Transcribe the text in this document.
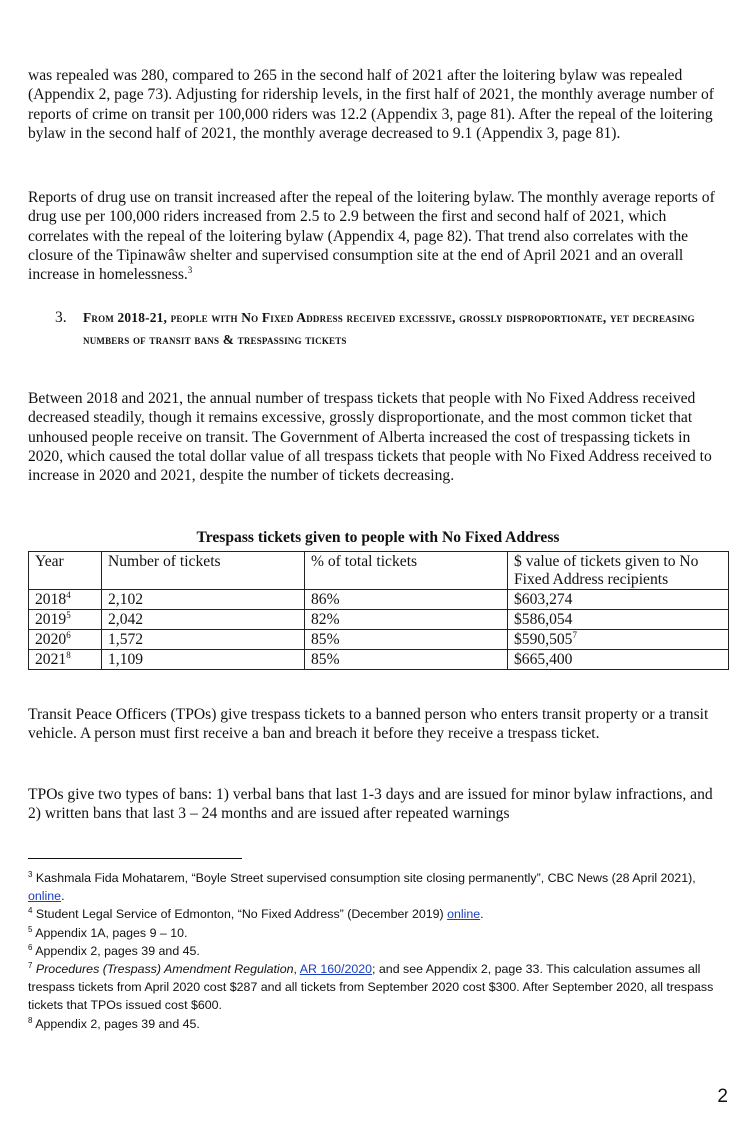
was repealed was 280, compared to 265 in the second half of 2021 after the loitering bylaw was repealed (Appendix 2, page 73). Adjusting for ridership levels, in the first half of 2021, the monthly average number of reports of crime on transit per 100,000 riders was 12.2 (Appendix 3, page 81). After the repeal of the loitering bylaw in the second half of 2021, the monthly average decreased to 9.1 (Appendix 3, page 81).

Reports of drug use on transit increased after the repeal of the loitering bylaw. The monthly average reports of drug use per 100,000 riders increased from 2.5 to 2.9 between the first and second half of 2021, which correlates with the repeal of the loitering bylaw (Appendix 4, page 82). That trend also correlates with the closure of the Tipinawâw shelter and supervised consumption site at the end of April 2021 and an overall increase in homelessness.$^3$

3. From 2018-21, people with No Fixed Address received excessive, grossly disproportionate, yet decreasing numbers of transit bans & trespassing tickets

Between 2018 and 2021, the annual number of trespass tickets that people with No Fixed Address received decreased steadily, though it remains excessive, grossly disproportionate, and the most common ticket that unhoused people receive on transit. The Government of Alberta increased the cost of trespassing tickets in 2020, which caused the total dollar value of all trespass tickets that people with No Fixed Address received to increase in 2020 and 2021, despite the number of tickets decreasing.

Trespass tickets given to people with No Fixed Address
Year	Number of tickets	% of total tickets	$ value of tickets given to No Fixed Address recipients
2018$^4$	2,102	86%	$603,274
2019$^5$	2,042	82%	$586,054
2020$^6$	1,572	85%	$590,505$^7$
2021$^8$	1,109	85%	$665,400

Transit Peace Officers (TPOs) give trespass tickets to a banned person who enters transit property or a transit vehicle. A person must first receive a ban and breach it before they receive a trespass ticket.

TPOs give two types of bans: 1) verbal bans that last 1-3 days and are issued for minor bylaw infractions, and 2) written bans that last 3 – 24 months and are issued after repeated warnings

$^3$ Kashmala Fida Mohatarem, “Boyle Street supervised consumption site closing permanently”, CBC News (28 April 2021), online.

$^4$ Student Legal Service of Edmonton, “No Fixed Address” (December 2019) online.

$^5$ Appendix 1A, pages 9 – 10.

$^6$ Appendix 2, pages 39 and 45.

$^7$ Procedures (Trespass) Amendment Regulation, AR 160/2020; and see Appendix 2, page 33. This calculation assumes all trespass tickets from April 2020 cost $287 and all tickets from September 2020 cost $300. After September 2020, all trespass tickets that TPOs issued cost $600.

$^8$ Appendix 2, pages 39 and 45.

2
